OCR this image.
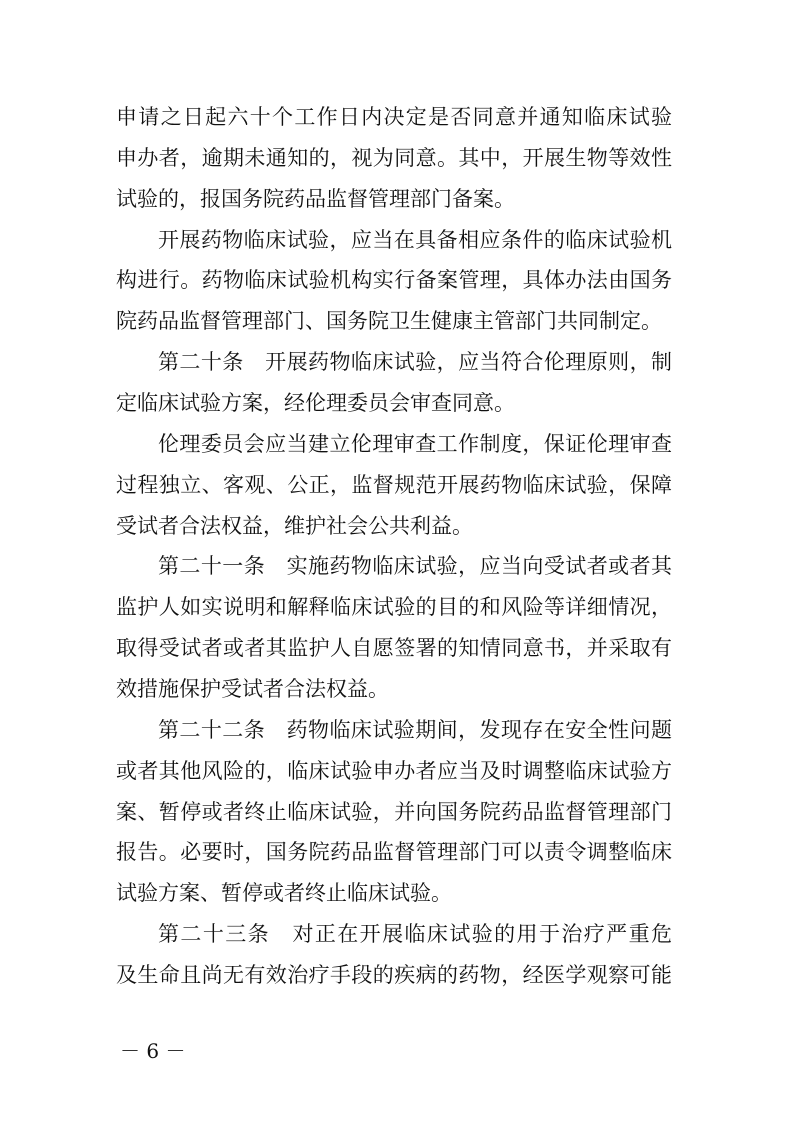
申请之日起六十个工作日内决定是否同意并通知临床试验
申办者，逾期未通知的，视为同意。其中，开展生物等效性
试验的，报国务院药品监督管理部门备案。
开展药物临床试验，应当在具备相应条件的临床试验机
构进行。药物临床试验机构实行备案管理，具体办法由国务
院药品监督管理部门、国务院卫生健康主管部门共同制定。
第二十条　开展药物临床试验，应当符合伦理原则，制
定临床试验方案，经伦理委员会审查同意。
伦理委员会应当建立伦理审查工作制度，保证伦理审查
过程独立、客观、公正，监督规范开展药物临床试验，保障
受试者合法权益，维护社会公共利益。
第二十一条　实施药物临床试验，应当向受试者或者其
监护人如实说明和解释临床试验的目的和风险等详细情况，
取得受试者或者其监护人自愿签署的知情同意书，并采取有
效措施保护受试者合法权益。
第二十二条　药物临床试验期间，发现存在安全性问题
或者其他风险的，临床试验申办者应当及时调整临床试验方
案、暂停或者终止临床试验，并向国务院药品监督管理部门
报告。必要时，国务院药品监督管理部门可以责令调整临床
试验方案、暂停或者终止临床试验。
第二十三条　对正在开展临床试验的用于治疗严重危
及生命且尚无有效治疗手段的疾病的药物，经医学观察可能
－ 6 －
